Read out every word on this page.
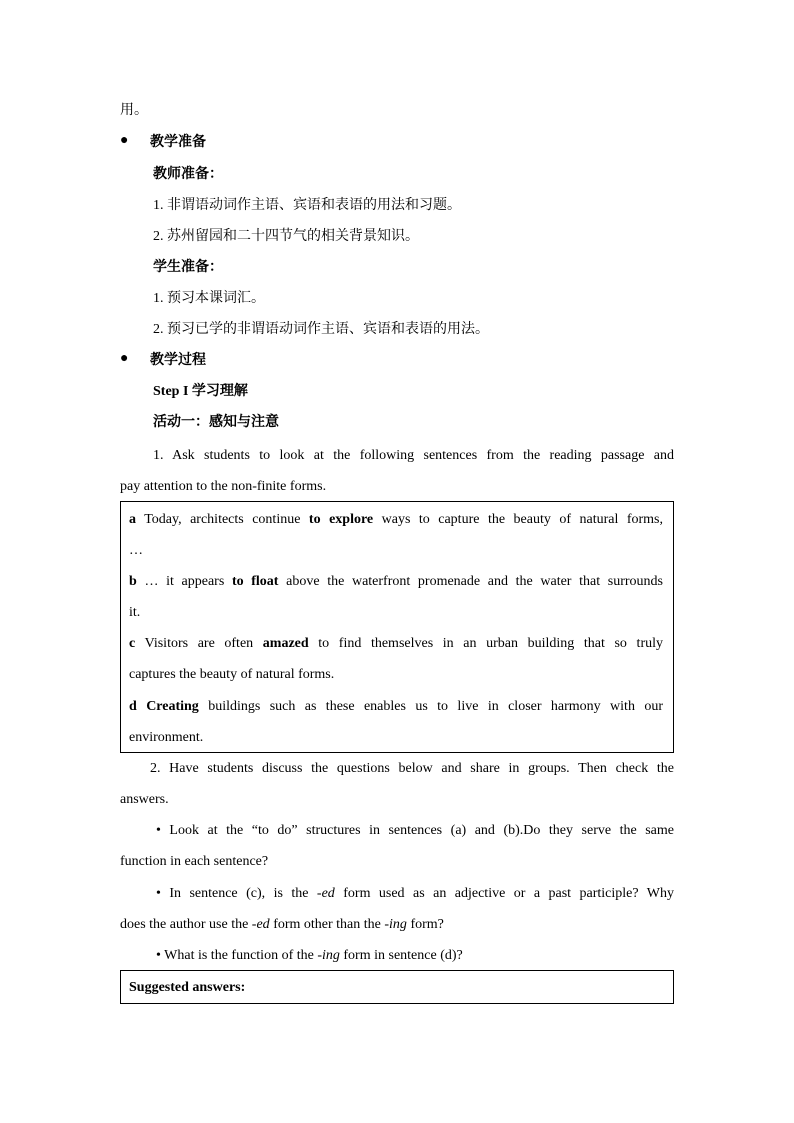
用。
● 教学准备
教师准备：
1. 非谓语动词作主语、宾语和表语的用法和习题。
2. 苏州留园和二十四节气的相关背景知识。
学生准备：
1. 预习本课词汇。
2. 预习已学的非谓语动词作主语、宾语和表语的用法。
● 教学过程
Step I 学习理解
活动一：感知与注意
1. Ask students to look at the following sentences from the reading passage and
pay attention to the non-finite forms.
a Today, architects continue to explore ways to capture the beauty of natural forms,
…
b … it appears to float above the waterfront promenade and the water that surrounds
it.
c Visitors are often amazed to find themselves in an urban building that so truly
captures the beauty of natural forms.
d Creating buildings such as these enables us to live in closer harmony with our
environment.
2. Have students discuss the questions below and share in groups. Then check the
answers.
• Look at the “to do” structures in sentences (a) and (b).Do they serve the same
function in each sentence?
• In sentence (c), is the -ed form used as an adjective or a past participle? Why
does the author use the -ed form other than the -ing form?
• What is the function of the -ing form in sentence (d)?
Suggested answers:
